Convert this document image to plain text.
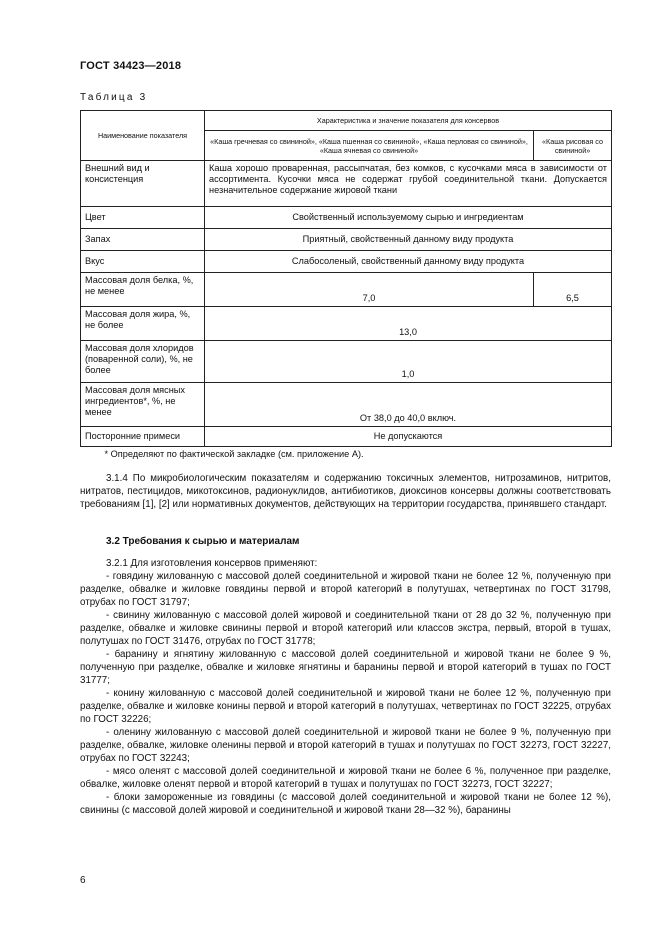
ГОСТ 34423—2018
Таблица 3
Наименование показателя	Характеристика и значение показателя для консервов	
	«Каша гречневая со свининой», «Каша пшенная со свининой», «Каша перловая со свининой», «Каша ячневая со свининой»	«Каша рисовая со свининой»
Внешний вид и консистенция	Каша хорошо проваренная, рассыпчатая, без комков, с кусочками мяса в зависимости от ассортимента. Кусочки мяса не содержат грубой соединительной ткани. Допускается незначительное содержание жировой ткани	
Цвет	Свойственный используемому сырью и ингредиентам	
Запах	Приятный, свойственный данному виду продукта	
Вкус	Слабосоленый, свойственный данному виду продукта	
Массовая доля белка, %, не менее	7,0	6,5
Массовая доля жира, %, не более	13,0	
Массовая доля хлоридов (поваренной соли), %, не более	1,0	
Массовая доля мясных ингредиентов*, %, не менее	От 38,0 до 40,0 включ.	
Посторонние примеси	Не допускаются	
* Определяют по фактической закладке (см. приложение А).		

3.1.4 По микробиологическим показателям и содержанию токсичных элементов, нитрозаминов, нитритов, нитратов, пестицидов, микотоксинов, радионуклидов, антибиотиков, диоксинов консервы должны соответствовать требованиям [1], [2] или нормативных документов, действующих на территории государства, принявшего стандарт.

3.2 Требования к сырью и материалам

3.2.1 Для изготовления консервов применяют:

- говядину жилованную с массовой долей соединительной и жировой ткани не более 12 %, полученную при разделке, обвалке и жиловке говядины первой и второй категорий в полутушах, четвертинах по ГОСТ 31798, отрубах по ГОСТ 31797;

- свинину жилованную с массовой долей жировой и соединительной ткани от 28 до 32 %, полученную при разделке, обвалке и жиловке свинины первой и второй категорий или классов экстра, первый, второй в тушах, полутушах по ГОСТ 31476, отрубах по ГОСТ 31778;

- баранину и ягнятину жилованную с массовой долей соединительной и жировой ткани не более 9 %, полученную при разделке, обвалке и жиловке ягнятины и баранины первой и второй категорий в тушах по ГОСТ 31777;

- конину жилованную с массовой долей соединительной и жировой ткани не более 12 %, полученную при разделке, обвалке и жиловке конины первой и второй категорий в полутушах, четвертинах по ГОСТ 32225, отрубах по ГОСТ 32226;

- оленину жилованную с массовой долей соединительной и жировой ткани не более 9 %, полученную при разделке, обвалке, жиловке оленины первой и второй категорий в тушах и полутушах по ГОСТ 32273, ГОСТ 32227, отрубах по ГОСТ 32243;

- мясо оленят с массовой долей соединительной и жировой ткани не более 6 %, полученное при разделке, обвалке, жиловке оленят первой и второй категорий в тушах и полутушах по ГОСТ 32273, ГОСТ 32227;

- блоки замороженные из говядины (с массовой долей соединительной и жировой ткани не более 12 %), свинины (с массовой долей жировой и соединительной и жировой ткани 28—32 %), баранины

6
